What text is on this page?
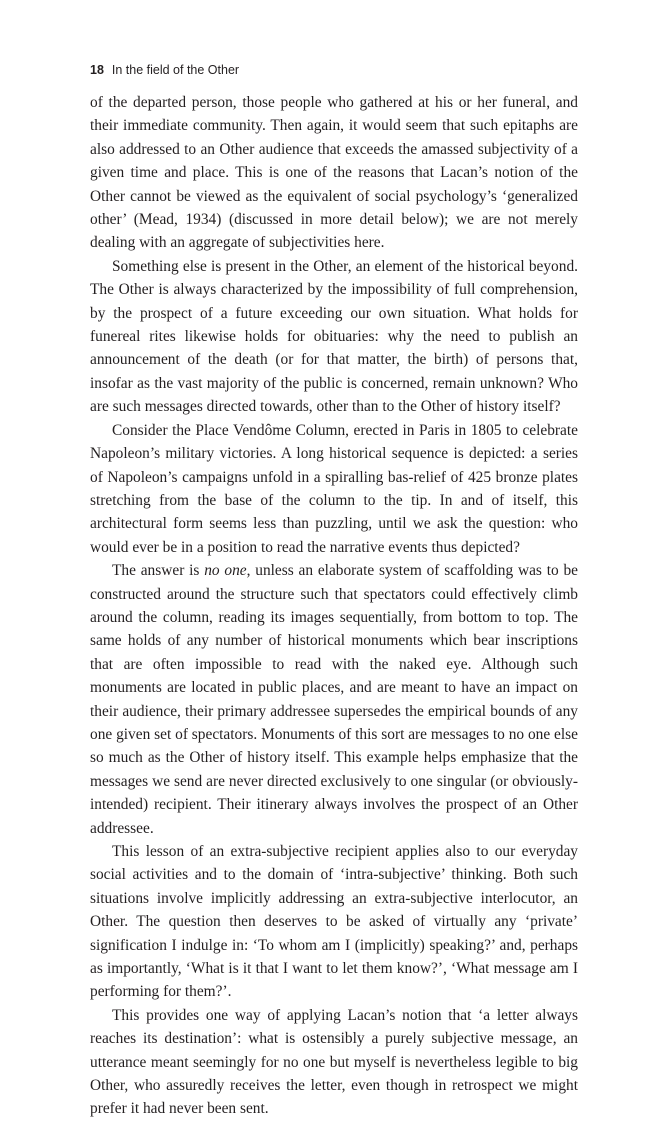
18 In the field of the Other

of the departed person, those people who gathered at his or her funeral, and their immediate community. Then again, it would seem that such epitaphs are also addressed to an Other audience that exceeds the amassed subjectivity of a given time and place. This is one of the reasons that Lacan’s notion of the Other cannot be viewed as the equivalent of social psychology’s ‘generalized other’ (Mead, 1934) (discussed in more detail below); we are not merely dealing with an aggregate of subjectivities here.

Something else is present in the Other, an element of the historical beyond. The Other is always characterized by the impossibility of full comprehension, by the prospect of a future exceeding our own situation. What holds for funereal rites likewise holds for obituaries: why the need to publish an announcement of the death (or for that matter, the birth) of persons that, insofar as the vast majority of the public is concerned, remain unknown? Who are such messages directed towards, other than to the Other of history itself?

Consider the Place Vendôme Column, erected in Paris in 1805 to celebrate Napoleon’s military victories. A long historical sequence is depicted: a series of Napoleon’s campaigns unfold in a spiralling bas-relief of 425 bronze plates stretching from the base of the column to the tip. In and of itself, this architectural form seems less than puzzling, until we ask the question: who would ever be in a position to read the narrative events thus depicted?

The answer is no one, unless an elaborate system of scaffolding was to be constructed around the structure such that spectators could effectively climb around the column, reading its images sequentially, from bottom to top. The same holds of any number of historical monuments which bear inscriptions that are often impossible to read with the naked eye. Although such monuments are located in public places, and are meant to have an impact on their audience, their primary addressee supersedes the empirical bounds of any one given set of spectators. Monuments of this sort are messages to no one else so much as the Other of history itself. This example helps emphasize that the messages we send are never directed exclusively to one singular (or obviously-intended) recipient. Their itinerary always involves the prospect of an Other addressee.

This lesson of an extra-subjective recipient applies also to our everyday social activities and to the domain of ‘intra-subjective’ thinking. Both such situations involve implicitly addressing an extra-subjective interlocutor, an Other. The question then deserves to be asked of virtually any ‘private’ signification I indulge in: ‘To whom am I (implicitly) speaking?’ and, perhaps as importantly, ‘What is it that I want to let them know?’, ‘What message am I performing for them?’.

This provides one way of applying Lacan’s notion that ‘a letter always reaches its destination’: what is ostensibly a purely subjective message, an utterance meant seemingly for no one but myself is nevertheless legible to big Other, who assuredly receives the letter, even though in retrospect we might prefer it had never been sent.
